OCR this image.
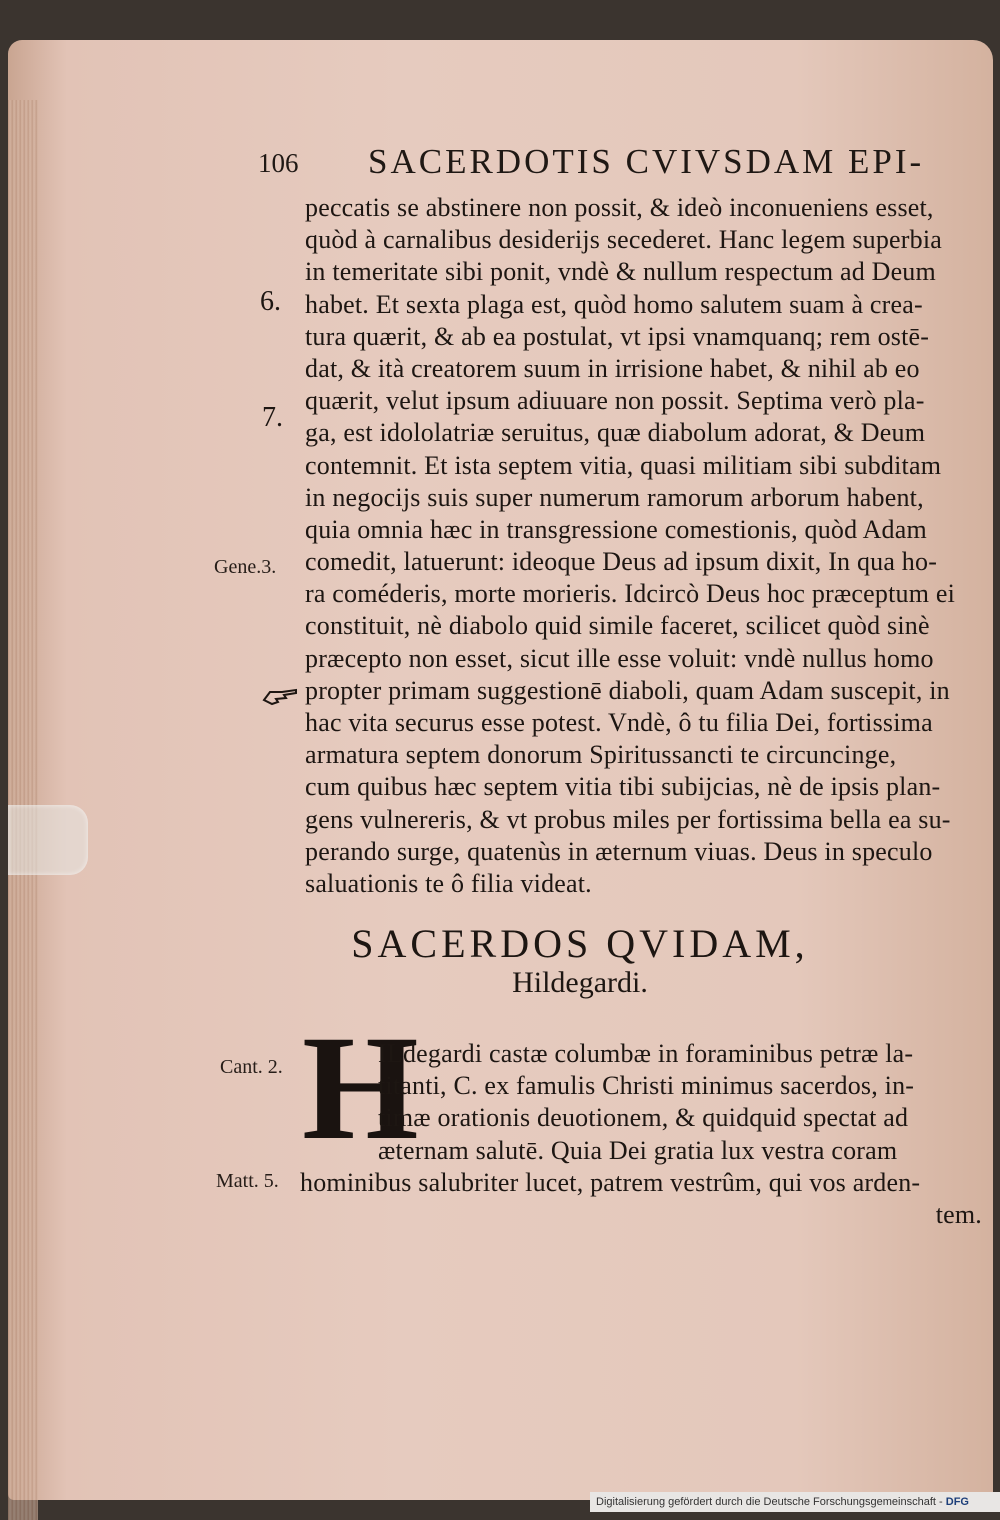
106 SACERDOTIS CVIVSDAM EPI-
peccatis se abstinere non possit, & ideò inconueniens esset,
quòd à carnalibus desiderijs secederet. Hanc legem superbia
in temeritate sibi ponit, vndè & nullum respectum ad Deum
habet. Et sexta plaga est, quòd homo salutem suam à crea-
tura quærit, & ab ea postulat, vt ipsi vnamquanq; rem ostē-
dat, & ità creatorem suum in irrisione habet, & nihil ab eo
quærit, velut ipsum adiuuare non possit. Septima verò pla-
ga, est idololatriæ seruitus, quæ diabolum adorat, & Deum
contemnit. Et ista septem vitia, quasi militiam sibi subditam
in negocijs suis super numerum ramorum arborum habent,
quia omnia hæc in transgressione comestionis, quòd Adam
comedit, latuerunt: ideoque Deus ad ipsum dixit, In qua ho-
ra coméderis, morte morieris. Idcircò Deus hoc præceptum ei
constituit, nè diabolo quid simile faceret, scilicet quòd sinè
præcepto non esset, sicut ille esse voluit: vndè nullus homo
propter primam suggestionē diaboli, quam Adam suscepit, in
hac vita securus esse potest. Vndè, ô tu filia Dei, fortissima
armatura septem donorum Spiritussancti te circuncinge,
cum quibus hæc septem vitia tibi subijcias, nè de ipsis plan-
gens vulnereris, & vt probus miles per fortissima bella ea su-
perando surge, quatenùs in æternum viuas. Deus in speculo
saluationis te ô filia videat.
6.
7.
Gene.3.
SACERDOS QVIDAM,
Hildegardi.
Cant. 2.
Matt. 5.
H
ILdegardi castæ columbæ in foraminibus petræ la-
titanti, C. ex famulis Christi minimus sacerdos, in-
timæ orationis deuotionem, & quidquid spectat ad
æternam salutē. Quia Dei gratia lux vestra coram
hominibus salubriter lucet, patrem vestrûm, qui vos arden-
tem.
Digitalisierung gefördert durch die Deutsche Forschungsgemeinschaft - DFG
